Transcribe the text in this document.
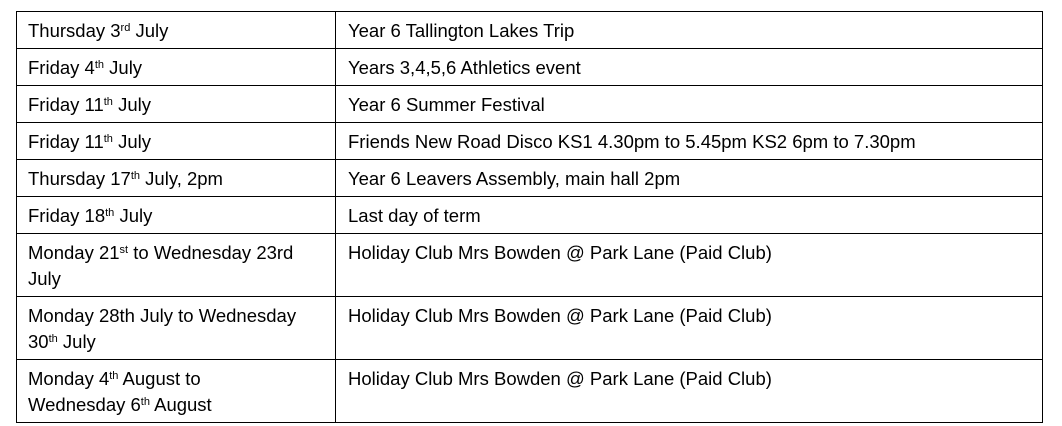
Thursday 3rd July	Year 6 Tallington Lakes Trip
Friday 4th July	Years 3,4,5,6 Athletics event
Friday 11th July	Year 6 Summer Festival
Friday 11th July	Friends New Road Disco KS1 4.30pm to 5.45pm KS2 6pm to 7.30pm
Thursday 17th July, 2pm	Year 6 Leavers Assembly, main hall 2pm
Friday 18th July	Last day of term
Monday 21st to Wednesday 23rd July	Holiday Club Mrs Bowden @ Park Lane (Paid Club)
Monday 28th July to Wednesday
30th July	Holiday Club Mrs Bowden @ Park Lane (Paid Club)
Monday 4th August to
Wednesday 6th August	Holiday Club Mrs Bowden @ Park Lane (Paid Club)
